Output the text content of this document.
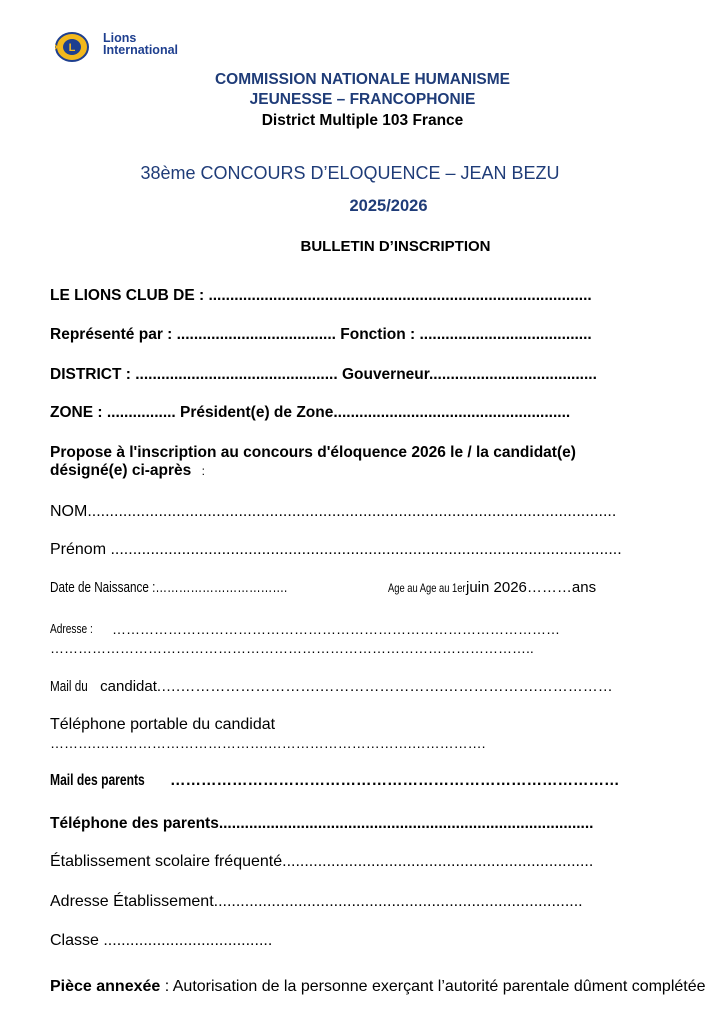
L
Lions
International
COMMISSION NATIONALE HUMANISME
JEUNESSE – FRANCOPHONIE
District Multiple 103 France
38ème CONCOURS D’ELOQUENCE – JEAN BEZU
2025/2026
BULLETIN D’INSCRIPTION
LE LIONS CLUB DE : .........................................................................................
Représenté par : ..................................... Fonction : ........................................
DISTRICT : ............................................... Gouverneur.......................................
ZONE : ................ Président(e) de Zone.......................................................
Propose à l'inscription au concours d'éloquence 2026 le / la candidat(e)
désigné(e) ci-après :
NOM.......................................................................................................................
Prénom ...................................................................................................................
Date de Naissance :…………………………….	Age au Age au 1er juin 2026………ans
Adresse :	……………………………………………………………………………………
…………………………………………………………………………………………..
Mail du candidat.….……………………….…………………….……………….……………
Téléphone portable du candidat
……….……………………………….………………………….…………….
Mail des parents ……………………………………………………………………………
Téléphone des parents.......................................................................................
Établissement scolaire fréquenté......................................................................
Adresse Établissement...................................................................................
Classe ......................................
Pièce annexée : Autorisation de la personne exerçant l’autorité parentale dûment complétée
